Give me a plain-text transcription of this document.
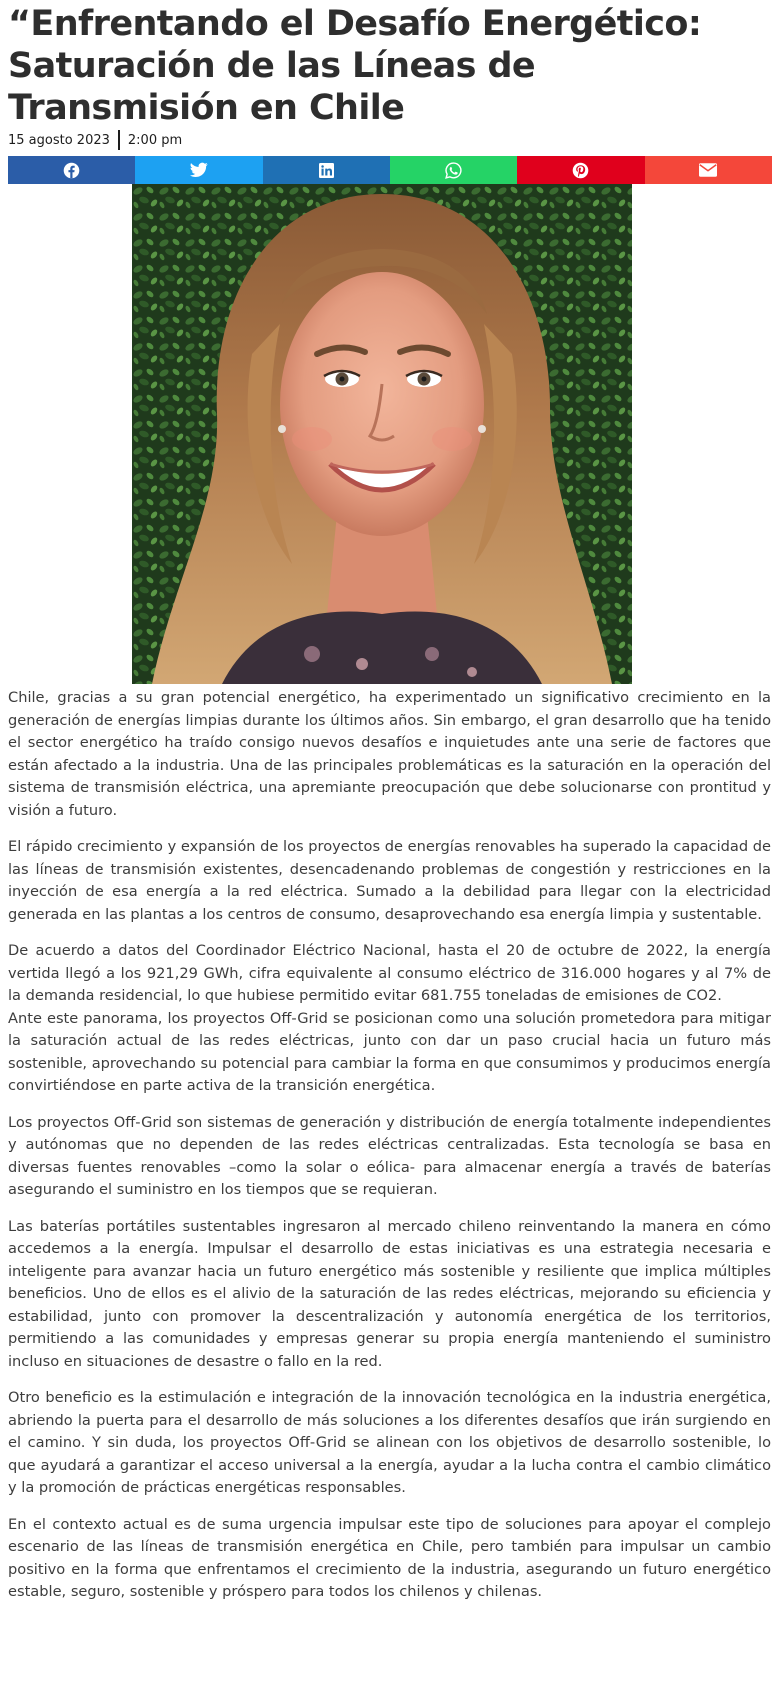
“Enfrentando el Desafío Energético: Saturación de las Líneas de Transmisión en Chile
15 agosto 2023 2:00 pm

Chile, gracias a su gran potencial energético, ha experimentado un significativo crecimiento en la generación de energías limpias durante los últimos años. Sin embargo, el gran desarrollo que ha tenido el sector energético ha traído consigo nuevos desafíos e inquietudes ante una serie de factores que están afectado a la industria. Una de las principales problemáticas es la saturación en la operación del sistema de transmisión eléctrica, una apremiante preocupación que debe solucionarse con prontitud y visión a futuro.

El rápido crecimiento y expansión de los proyectos de energías renovables ha superado la capacidad de las líneas de transmisión existentes, desencadenando problemas de congestión y restricciones en la inyección de esa energía a la red eléctrica. Sumado a la debilidad para llegar con la electricidad generada en las plantas a los centros de consumo, desaprovechando esa energía limpia y sustentable.

De acuerdo a datos del Coordinador Eléctrico Nacional, hasta el 20 de octubre de 2022, la energía vertida llegó a los 921,29 GWh, cifra equivalente al consumo eléctrico de 316.000 hogares y al 7% de la demanda residencial, lo que hubiese permitido evitar 681.755 toneladas de emisiones de CO2.

Ante este panorama, los proyectos Off-Grid se posicionan como una solución prometedora para mitigar la saturación actual de las redes eléctricas, junto con dar un paso crucial hacia un futuro más sostenible, aprovechando su potencial para cambiar la forma en que consumimos y producimos energía convirtiéndose en parte activa de la transición energética.

Los proyectos Off-Grid son sistemas de generación y distribución de energía totalmente independientes y autónomas que no dependen de las redes eléctricas centralizadas. Esta tecnología se basa en diversas fuentes renovables –como la solar o eólica- para almacenar energía a través de baterías asegurando el suministro en los tiempos que se requieran.

Las baterías portátiles sustentables ingresaron al mercado chileno reinventando la manera en cómo accedemos a la energía. Impulsar el desarrollo de estas iniciativas es una estrategia necesaria e inteligente para avanzar hacia un futuro energético más sostenible y resiliente que implica múltiples beneficios. Uno de ellos es el alivio de la saturación de las redes eléctricas, mejorando su eficiencia y estabilidad, junto con promover la descentralización y autonomía energética de los territorios, permitiendo a las comunidades y empresas generar su propia energía manteniendo el suministro incluso en situaciones de desastre o fallo en la red.

Otro beneficio es la estimulación e integración de la innovación tecnológica en la industria energética, abriendo la puerta para el desarrollo de más soluciones a los diferentes desafíos que irán surgiendo en el camino. Y sin duda, los proyectos Off-Grid se alinean con los objetivos de desarrollo sostenible, lo que ayudará a garantizar el acceso universal a la energía, ayudar a la lucha contra el cambio climático y la promoción de prácticas energéticas responsables.

En el contexto actual es de suma urgencia impulsar este tipo de soluciones para apoyar el complejo escenario de las líneas de transmisión energética en Chile, pero también para impulsar un cambio positivo en la forma que enfrentamos el crecimiento de la industria, asegurando un futuro energético estable, seguro, sostenible y próspero para todos los chilenos y chilenas.
